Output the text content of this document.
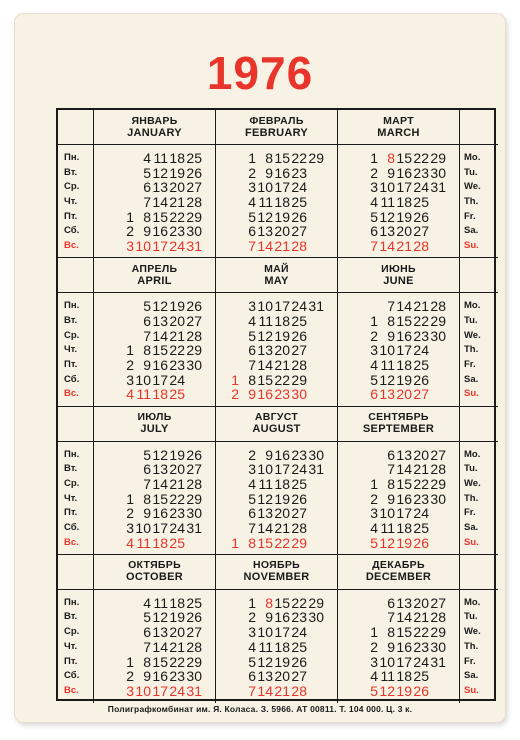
1976
Пн.
Вт.
Ср.
Чт.
Пт.
Сб.
Вс.
ЯНВАРЬ
JANUARY
4 111825
5121926
6132027
7142128
1 8152229
2 9162330
310172431
ФЕВРАЛЬ
FEBRUARY
1 8152229
2 91623
3101724
4 111825
5121926
6132027
7142128
МАРТ
MARCH
1 8152229
2 9162330
310172431
4 111825
5121926
6132027
7142128
Mo.
Tu.
We.
Th.
Fr.
Sa.
Su.
Пн.
Вт.
Ср.
Чт.
Пт.
Сб.
Вс.
АПРЕЛЬ
APRIL
5121926
6132027
7142128
1 8152229
2 9162330
3101724
4 111825
МАЙ
MAY
310172431
4 111825
5121926
6132027
7142128
1 8152229
2 9162330
ИЮНЬ
JUNE
7142128
1 8152229
2 9162330
3101724
4 111825
5121926
6132027
Mo.
Tu.
We.
Th.
Fr.
Sa.
Su.
Пн.
Вт.
Ср.
Чт.
Пт.
Сб.
Вс.
ИЮЛЬ
JULY
5121926
6132027
7142128
1 8152229
2 9162330
310172431
4 111825
АВГУСТ
AUGUST
2 9162330
310172431
4 111825
5121926
6132027
7142128
1 8152229
СЕНТЯБРЬ
SEPTEMBER
6132027
7142128
1 8152229
2 9162330
3101724
4 111825
5121926
Mo.
Tu.
We.
Th.
Fr.
Sa.
Su.
Пн.
Вт.
Ср.
Чт.
Пт.
Сб.
Вс.
ОКТЯБРЬ
OCTOBER
4 111825
5121926
6132027
7142128
1 8152229
2 9162330
310172431
НОЯБРЬ
NOVEMBER
1 8152229
2 9162330
3101724
4 111825
5121926
6132027
7142128
ДЕКАБРЬ
DECEMBER
6132027
7142128
1 8152229
2 9162330
310172431
4 111825
5121926
Mo.
Tu.
We.
Th.
Fr.
Sa.
Su.
Полиграфкомбинат им. Я. Коласа. З. 5966. АТ 00811. Т. 104 000. Ц. 3 к.
